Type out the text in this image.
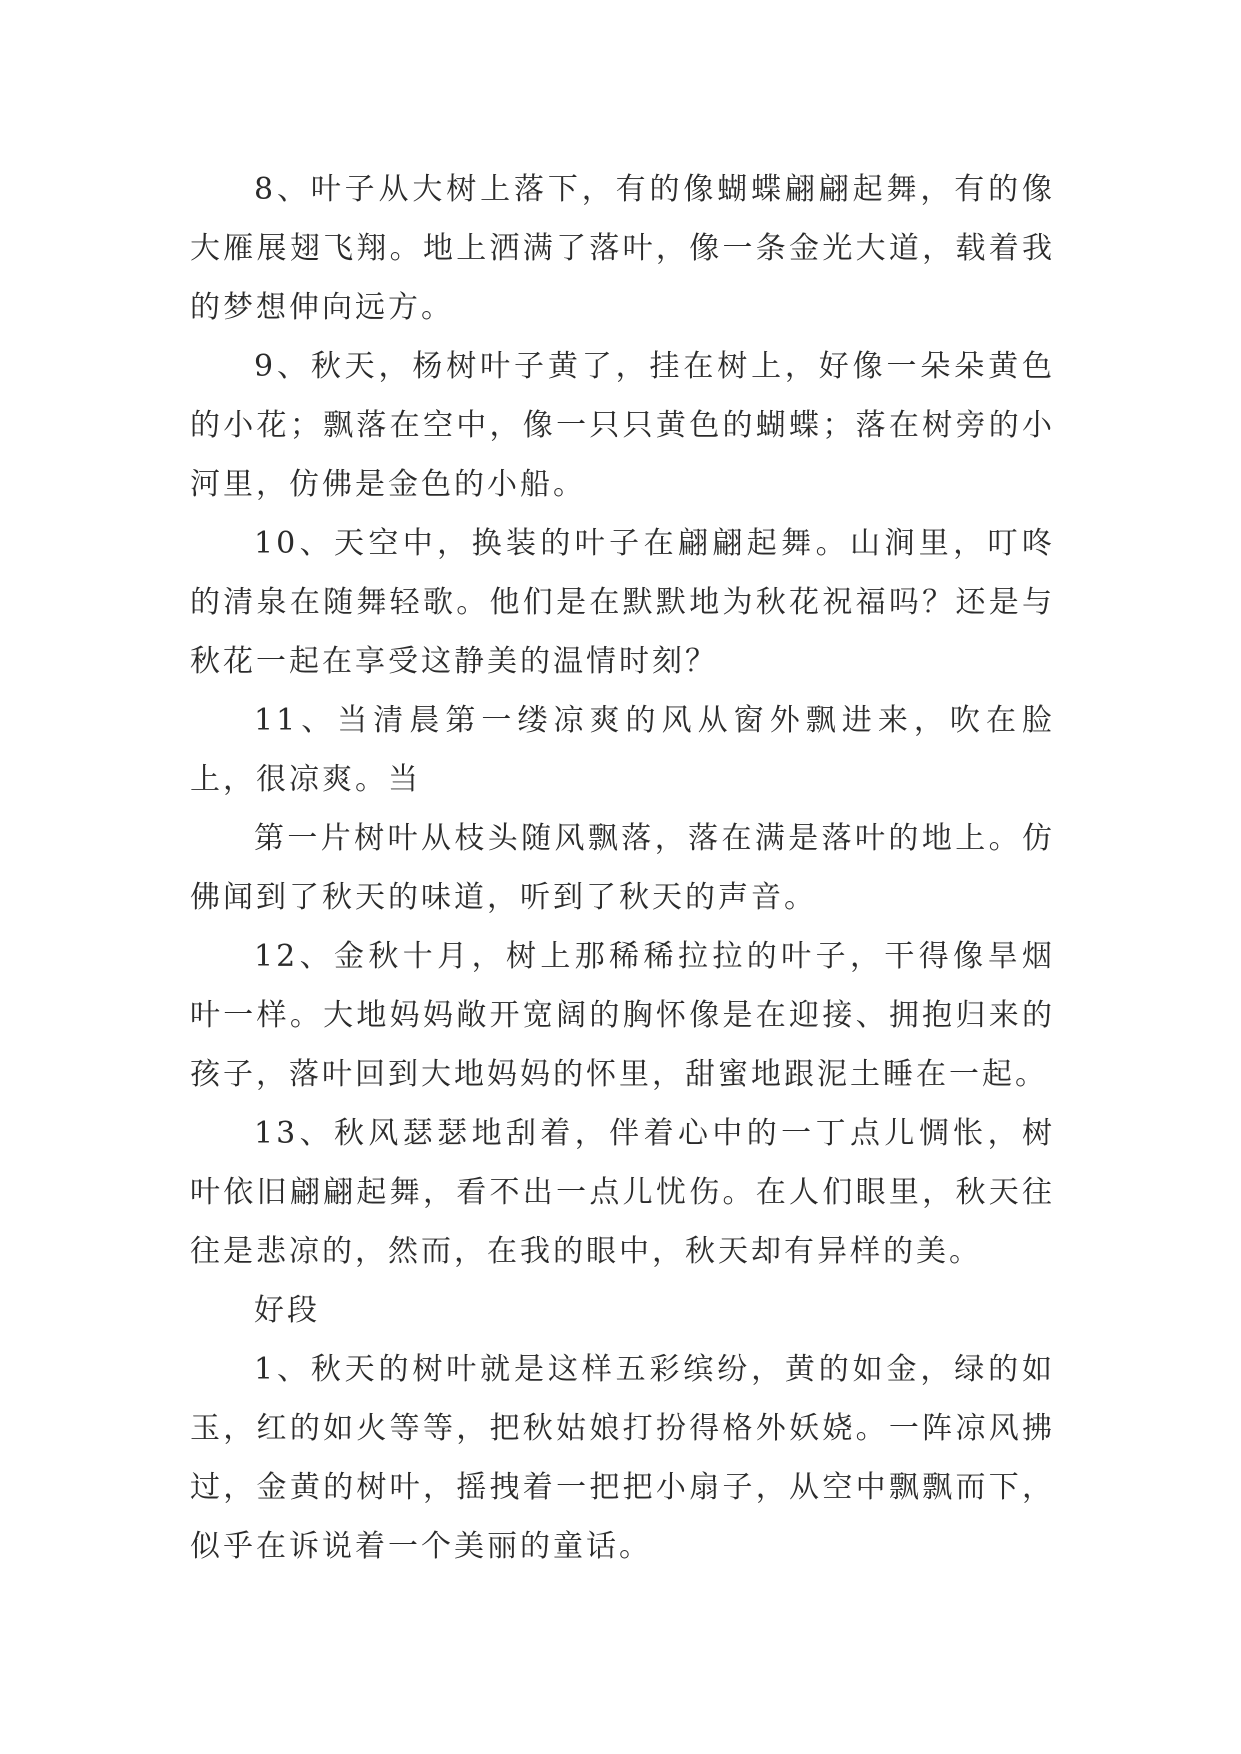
8、叶子从大树上落下，有的像蝴蝶翩翩起舞，有的像大雁展翅飞翔。地上洒满了落叶，像一条金光大道，载着我的梦想伸向远方。

9、秋天，杨树叶子黄了，挂在树上，好像一朵朵黄色的小花；飘落在空中，像一只只黄色的蝴蝶；落在树旁的小河里，仿佛是金色的小船。

10、天空中，换装的叶子在翩翩起舞。山涧里，叮咚的清泉在随舞轻歌。他们是在默默地为秋花祝福吗？还是与秋花一起在享受这静美的温情时刻？

11、当清晨第一缕凉爽的风从窗外飘进来，吹在脸上，很凉爽。当

第一片树叶从枝头随风飘落，落在满是落叶的地上。仿佛闻到了秋天的味道，听到了秋天的声音。

12、金秋十月，树上那稀稀拉拉的叶子，干得像旱烟叶一样。大地妈妈敞开宽阔的胸怀像是在迎接、拥抱归来的孩子，落叶回到大地妈妈的怀里，甜蜜地跟泥土睡在一起。

13、秋风瑟瑟地刮着，伴着心中的一丁点儿惆怅，树叶依旧翩翩起舞，看不出一点儿忧伤。在人们眼里，秋天往往是悲凉的，然而，在我的眼中，秋天却有异样的美。

好段

1、秋天的树叶就是这样五彩缤纷，黄的如金，绿的如玉，红的如火等等，把秋姑娘打扮得格外妖娆。一阵凉风拂过，金黄的树叶，摇拽着一把把小扇子，从空中飘飘而下，似乎在诉说着一个美丽的童话。
